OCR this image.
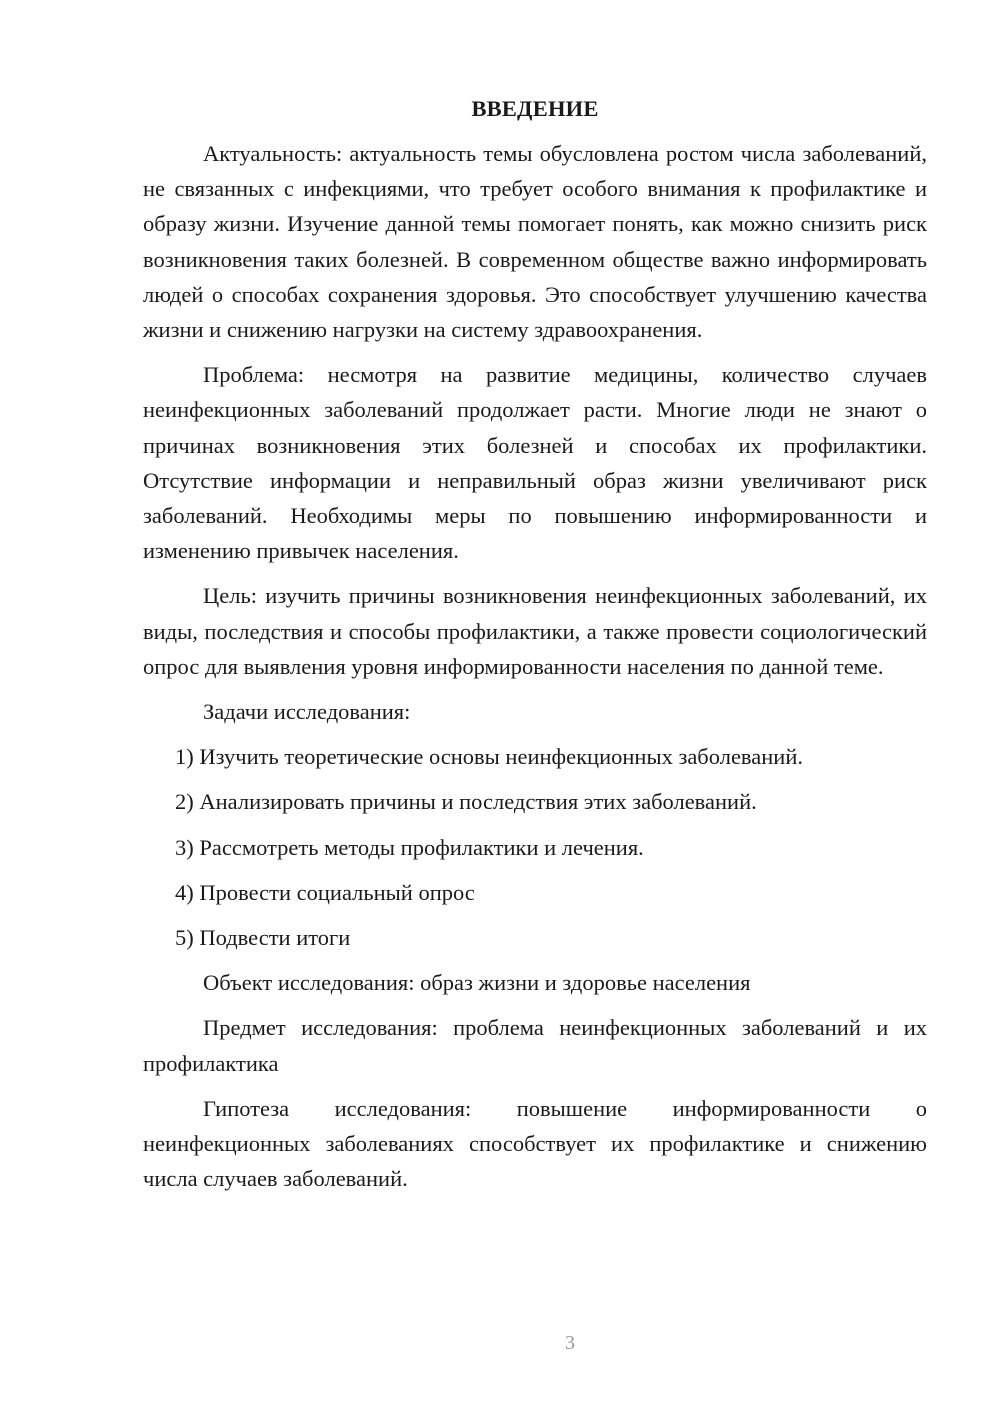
ВВЕДЕНИЕ
Актуальность: актуальность темы обусловлена ростом числа заболеваний, не связанных с инфекциями, что требует особого внимания к профилактике и образу жизни. Изучение данной темы помогает понять, как можно снизить риск возникновения таких болезней. В современном обществе важно информировать людей о способах сохранения здоровья. Это способствует улучшению качества жизни и снижению нагрузки на систему здравоохранения.
Проблема: несмотря на развитие медицины, количество случаев неинфекционных заболеваний продолжает расти. Многие люди не знают о причинах возникновения этих болезней и способах их профилактики. Отсутствие информации и неправильный образ жизни увеличивают риск заболеваний. Необходимы меры по повышению информированности и изменению привычек населения.
Цель: изучить причины возникновения неинфекционных заболеваний, их виды, последствия и способы профилактики, а также провести социологический опрос для выявления уровня информированности населения по данной теме.
Задачи исследования:
1) Изучить теоретические основы неинфекционных заболеваний.
2) Анализировать причины и последствия этих заболеваний.
3) Рассмотреть методы профилактики и лечения.
4) Провести социальный опрос
5) Подвести итоги
Объект исследования: образ жизни и здоровье населения
Предмет исследования: проблема неинфекционных заболеваний и их профилактика
Гипотеза исследования: повышение информированности о неинфекционных заболеваниях способствует их профилактике и снижению числа случаев заболеваний.
3
